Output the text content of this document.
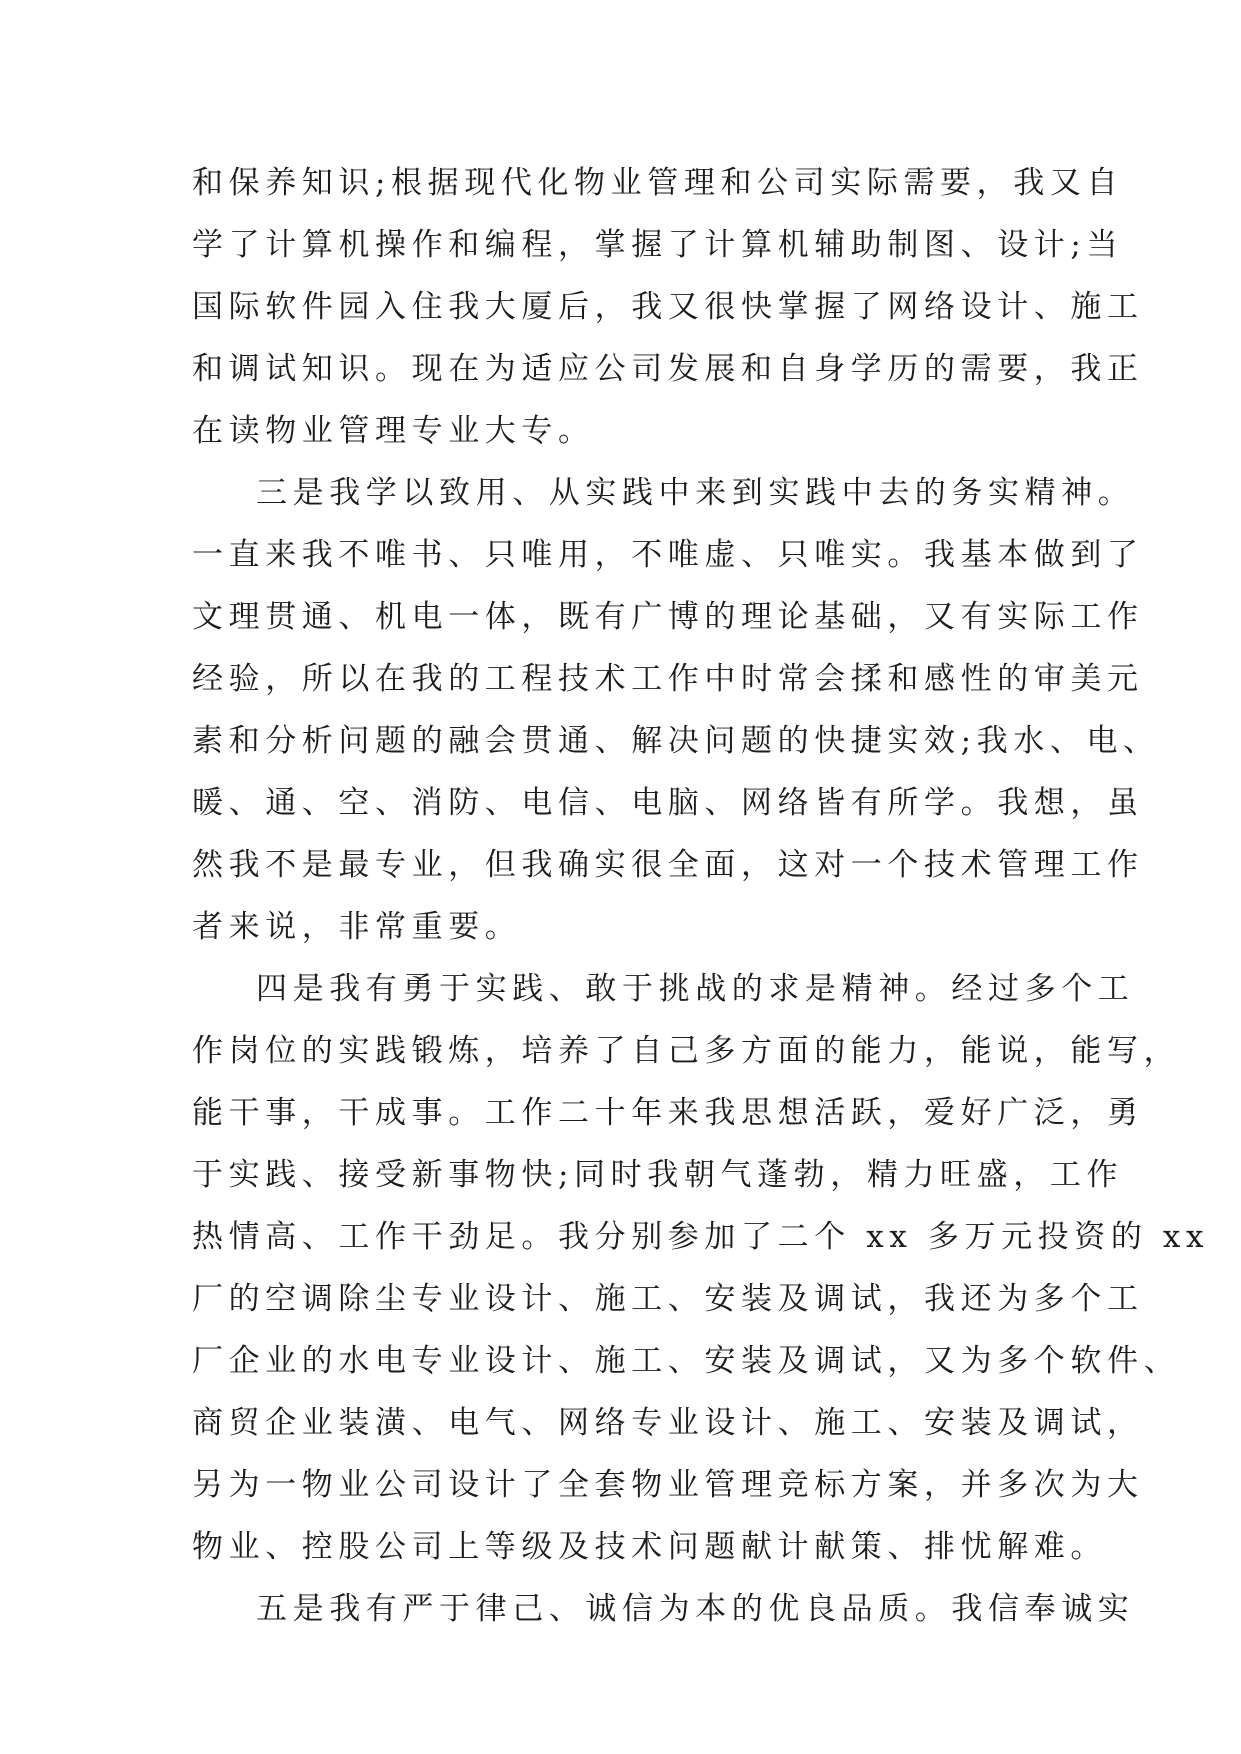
和保养知识;根据现代化物业管理和公司实际需要，我又自
学了计算机操作和编程，掌握了计算机辅助制图、设计;当
国际软件园入住我大厦后，我又很快掌握了网络设计、施工
和调试知识。现在为适应公司发展和自身学历的需要，我正
在读物业管理专业大专。
三是我学以致用、从实践中来到实践中去的务实精神。
一直来我不唯书、只唯用，不唯虚、只唯实。我基本做到了
文理贯通、机电一体，既有广博的理论基础，又有实际工作
经验，所以在我的工程技术工作中时常会揉和感性的审美元
素和分析问题的融会贯通、解决问题的快捷实效;我水、电、
暖、通、空、消防、电信、电脑、网络皆有所学。我想，虽
然我不是最专业，但我确实很全面，这对一个技术管理工作
者来说，非常重要。
四是我有勇于实践、敢于挑战的求是精神。经过多个工
作岗位的实践锻炼，培养了自己多方面的能力，能说，能写，
能干事，干成事。工作二十年来我思想活跃，爱好广泛，勇
于实践、接受新事物快;同时我朝气蓬勃，精力旺盛，工作
热情高、工作干劲足。我分别参加了二个 xx 多万元投资的 xx
厂的空调除尘专业设计、施工、安装及调试，我还为多个工
厂企业的水电专业设计、施工、安装及调试，又为多个软件、
商贸企业装潢、电气、网络专业设计、施工、安装及调试，
另为一物业公司设计了全套物业管理竞标方案，并多次为大
物业、控股公司上等级及技术问题献计献策、排忧解难。
五是我有严于律己、诚信为本的优良品质。我信奉诚实
